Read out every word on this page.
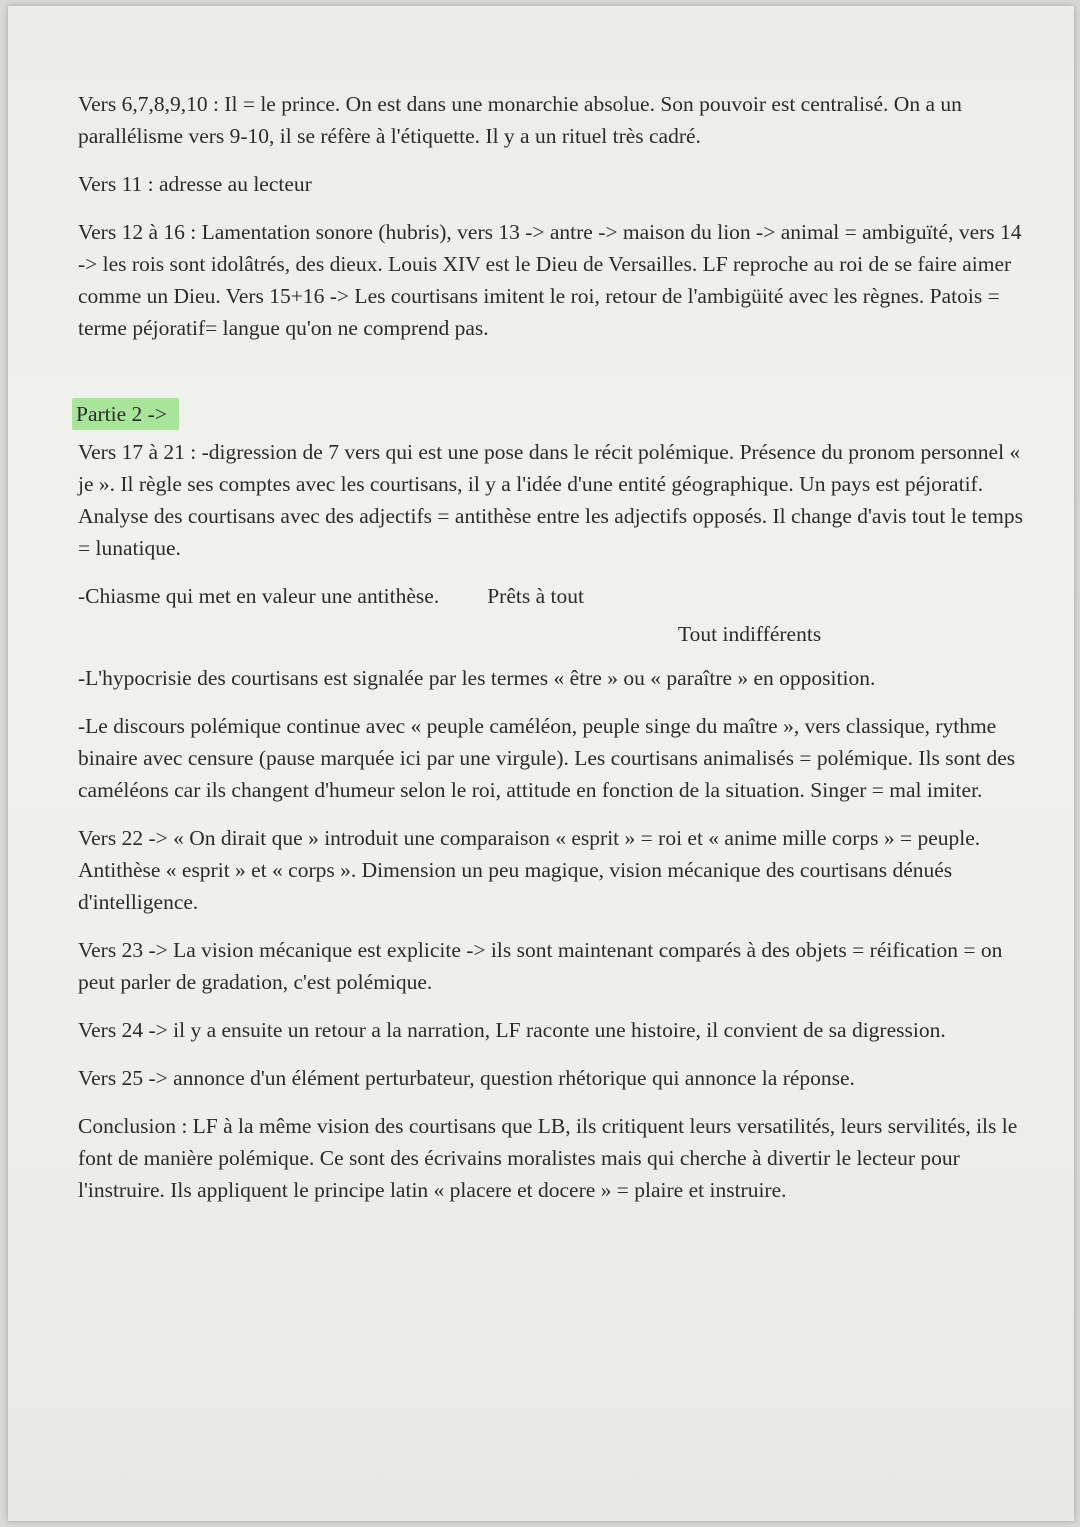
Vers 6,7,8,9,10 : Il = le prince. On est dans une monarchie absolue. Son pouvoir est centralisé. On a un parallélisme vers 9-10, il se réfère à l'étiquette. Il y a un rituel très cadré.

Vers 11 : adresse au lecteur

Vers 12 à 16 : Lamentation sonore (hubris), vers 13 -> antre -> maison du lion -> animal = ambiguïté, vers 14 -> les rois sont idolâtrés, des dieux. Louis XIV est le Dieu de Versailles. LF reproche au roi de se faire aimer comme un Dieu. Vers 15+16 -> Les courtisans imitent le roi, retour de l'ambigüité avec les règnes. Patois = terme péjoratif= langue qu'on ne comprend pas.

Partie 2 ->

Vers 17 à 21 : -digression de 7 vers qui est une pose dans le récit polémique. Présence du pronom personnel « je ». Il règle ses comptes avec les courtisans, il y a l'idée d'une entité géographique. Un pays est péjoratif. Analyse des courtisans avec des adjectifs = antithèse entre les adjectifs opposés. Il change d'avis tout le temps = lunatique.

-Chiasme qui met en valeur une antithèse. Prêts à tout

Tout indifférents

-L'hypocrisie des courtisans est signalée par les termes « être » ou « paraître » en opposition.

-Le discours polémique continue avec « peuple caméléon, peuple singe du maître », vers classique, rythme binaire avec censure (pause marquée ici par une virgule). Les courtisans animalisés = polémique. Ils sont des caméléons car ils changent d'humeur selon le roi, attitude en fonction de la situation. Singer = mal imiter.

Vers 22 -> « On dirait que » introduit une comparaison « esprit » = roi et « anime mille corps » = peuple. Antithèse « esprit » et « corps ». Dimension un peu magique, vision mécanique des courtisans dénués d'intelligence.

Vers 23 -> La vision mécanique est explicite -> ils sont maintenant comparés à des objets = réification = on peut parler de gradation, c'est polémique.

Vers 24 -> il y a ensuite un retour a la narration, LF raconte une histoire, il convient de sa digression.

Vers 25 -> annonce d'un élément perturbateur, question rhétorique qui annonce la réponse.

Conclusion : LF à la même vision des courtisans que LB, ils critiquent leurs versatilités, leurs servilités, ils le font de manière polémique. Ce sont des écrivains moralistes mais qui cherche à divertir le lecteur pour l'instruire. Ils appliquent le principe latin « placere et docere » = plaire et instruire.
